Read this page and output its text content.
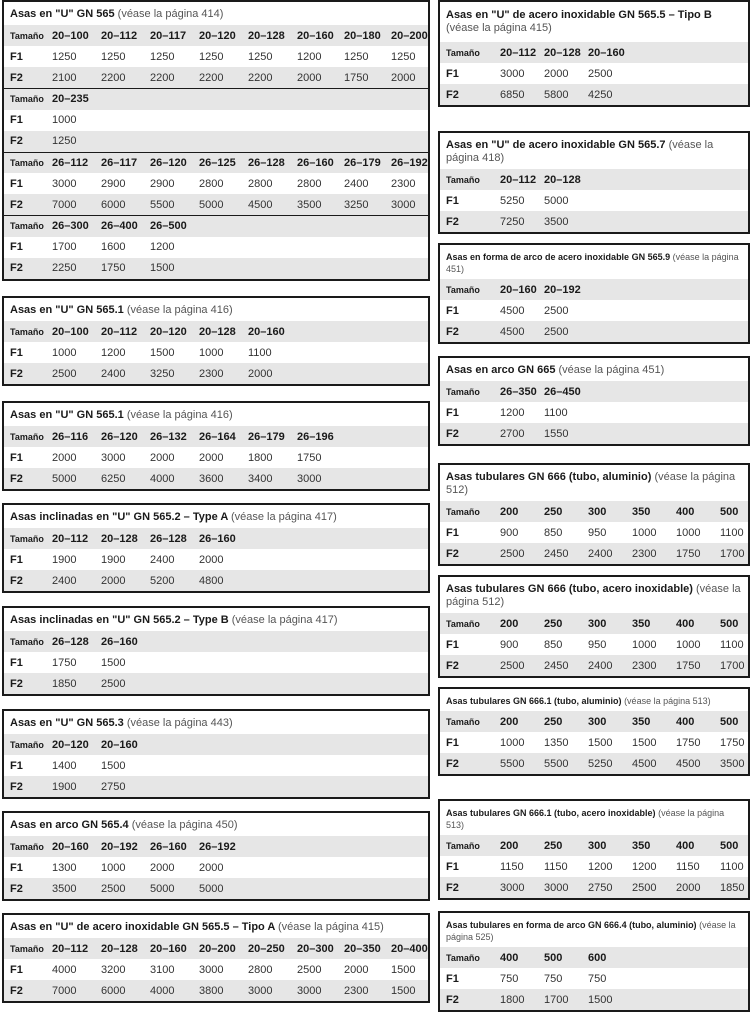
Asas en "U" GN 565 (véase la página 414)
Tamaño	20–100	20–112	20–117	20–120	20–128	20–160	20–180	20–200
F1	1250	1250	1250	1250	1250	1200	1250	1250
F2	2100	2200	2200	2200	2200	2000	1750	2000
Tamaño	20–235							
F1	1000							
F2	1250							
Tamaño	26–112	26–117	26–120	26–125	26–128	26–160	26–179	26–192
F1	3000	2900	2900	2800	2800	2800	2400	2300
F2	7000	6000	5500	5000	4500	3500	3250	3000
Tamaño	26–300	26–400	26–500					
F1	1700	1600	1200					
F2	2250	1750	1500					
Asas en "U" GN 565.1 (véase la página 416)
Tamaño	20–100	20–112	20–120	20–128	20–160			
F1	1000	1200	1500	1000	1100			
F2	2500	2400	3250	2300	2000			
Asas en "U" GN 565.1 (véase la página 416)
Tamaño	26–116	26–120	26–132	26–164	26–179	26–196		
F1	2000	3000	2000	2000	1800	1750		
F2	5000	6250	4000	3600	3400	3000		
Asas inclinadas en "U" GN 565.2 – Type A (véase la página 417)
Tamaño	20–112	20–128	26–128	26–160				
F1	1900	1900	2400	2000				
F2	2400	2000	5200	4800				
Asas inclinadas en "U" GN 565.2 – Type B (véase la página 417)
Tamaño	26–128	26–160						
F1	1750	1500						
F2	1850	2500						
Asas en "U" GN 565.3 (véase la página 443)
Tamaño	20–120	20–160						
F1	1400	1500						
F2	1900	2750						
Asas en arco GN 565.4 (véase la página 450)
Tamaño	20–160	20–192	26–160	26–192				
F1	1300	1000	2000	2000				
F2	3500	2500	5000	5000				
Asas en "U" de acero inoxidable GN 565.5 – Tipo A (véase la página 415)
Tamaño	20–112	20–128	20–160	20–200	20–250	20–300	20–350	20–400
F1	4000	3200	3100	3000	2800	2500	2000	1500
F2	7000	6000	4000	3800	3000	3000	2300	1500
Asas en "U" de acero inoxidable GN 565.5 – Tipo B (véase la página 415)
Tamaño	20–112	20–128	20–160				
F1	3000	2000	2500				
F2	6850	5800	4250				
Asas en "U" de acero inoxidable GN 565.7 (véase la página 418)
Tamaño	20–112	20–128					
F1	5250	5000					
F2	7250	3500					
Asas en forma de arco de acero inoxidable GN 565.9 (véase la página 451)
Tamaño	20–160	20–192					
F1	4500	2500					
F2	4500	2500					
Asas en arco GN 665 (véase la página 451)
Tamaño	26–350	26–450					
F1	1200	1100					
F2	2700	1550					
Asas tubulares GN 666 (tubo, aluminio) (véase la página 512)
Tamaño	200	250	300	350	400	500	
F1	900	850	950	1000	1000	1100	
F2	2500	2450	2400	2300	1750	1700	
Asas tubulares GN 666 (tubo, acero inoxidable) (véase la página 512)
Tamaño	200	250	300	350	400	500	
F1	900	850	950	1000	1000	1100	
F2	2500	2450	2400	2300	1750	1700	
Asas tubulares GN 666.1 (tubo, aluminio) (véase la página 513)
Tamaño	200	250	300	350	400	500	
F1	1000	1350	1500	1500	1750	1750	
F2	5500	5500	5250	4500	4500	3500	
Asas tubulares GN 666.1 (tubo, acero inoxidable) (véase la página 513)
Tamaño	200	250	300	350	400	500	
F1	1150	1150	1200	1200	1150	1100	
F2	3000	3000	2750	2500	2000	1850	
Asas tubulares en forma de arco GN 666.4 (tubo, aluminio) (véase la página 525)
Tamaño	400	500	600				
F1	750	750	750				
F2	1800	1700	1500				
